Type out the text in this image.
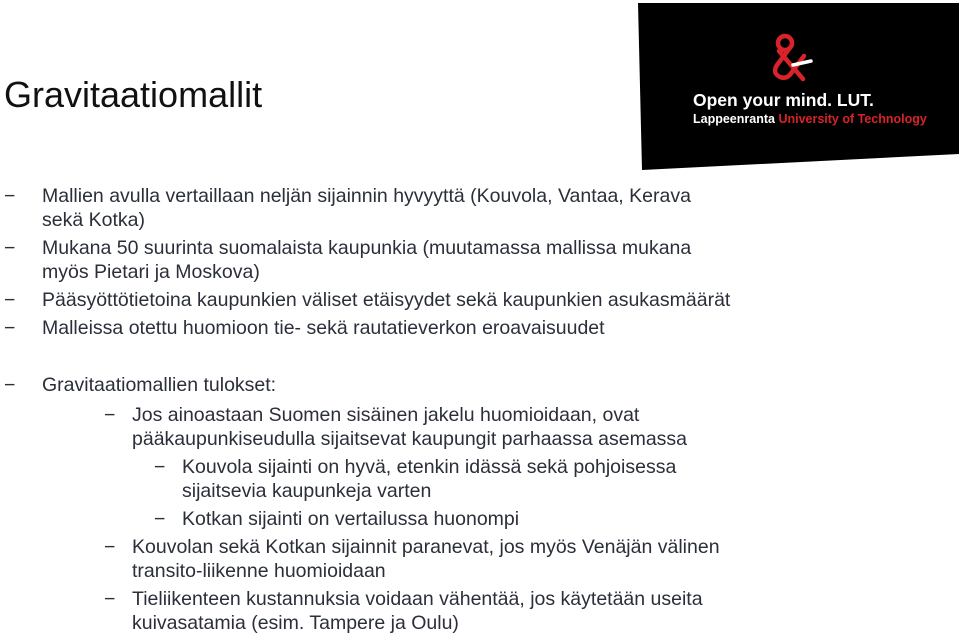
Gravitaatiomallit	Open your mind. LUT.
Lappeenranta University of Technology
− Mallien avulla vertaillaan neljän sijainnin hyvyyttä (Kouvola, Vantaa, Kerava
sekä Kotka)
− Mukana 50 suurinta suomalaista kaupunkia (muutamassa mallissa mukana
myös Pietari ja Moskova)
− Pääsyöttötietoina kaupunkien väliset etäisyydet sekä kaupunkien asukasmäärät
− Malleissa otettu huomioon tie- sekä rautatieverkon eroavaisuudet
− Gravitaatiomallien tulokset:
− Jos ainoastaan Suomen sisäinen jakelu huomioidaan, ovat
pääkaupunkiseudulla sijaitsevat kaupungit parhaassa asemassa
− Kouvola sijainti on hyvä, etenkin idässä sekä pohjoisessa
sijaitsevia kaupunkeja varten
− Kotkan sijainti on vertailussa huonompi
− Kouvolan sekä Kotkan sijainnit paranevat, jos myös Venäjän välinen
transito-liikenne huomioidaan
− Tieliikenteen kustannuksia voidaan vähentää, jos käytetään useita
kuivasatamia (esim. Tampere ja Oulu)
